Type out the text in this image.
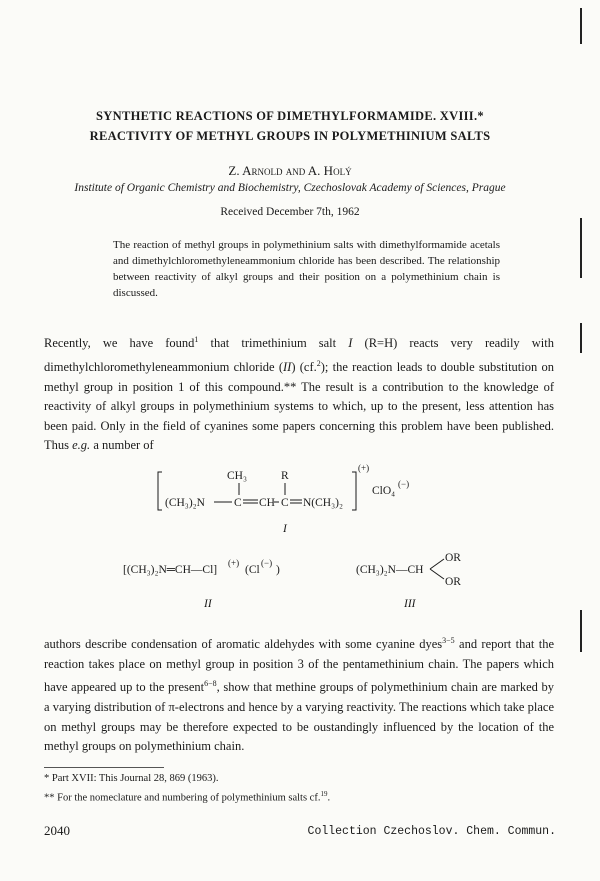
SYNTHETIC REACTIONS OF DIMETHYLFORMAMIDE. XVIII.*
REACTIVITY OF METHYL GROUPS IN POLYMETHINIUM SALTS
Z. Arnold and A. Holý
Institute of Organic Chemistry and Biochemistry, Czechoslovak Academy of Sciences, Prague
Received December 7th, 1962

The reaction of methyl groups in polymethinium salts with dimethylformamide acetals and dimethylchloromethyleneammonium chloride has been described. The relationship between reactivity of alkyl groups and their position on a polymethinium chain is discussed.

Recently, we have found$^1$ that trimethinium salt I (R=H) reacts very readily with dimethylchloromethyleneammonium chloride (II) (cf.$^2$); the reaction leads to double substitution on methyl group in position 1 of this compound.** The result is a contribution to the knowledge of reactivity of alkyl groups in polymethinium systems to which, up to the present, less attention has been paid. Only in the field of cyanines some papers concerning this problem have been published. Thus e.g. a number of

CH₃	R
(CH₃)₂N	C CH C N(CH₃)₂
(+)
ClO₄
(−)
I
[(CH₃)₂N═CH—Cl]
(+)
(Cl
(−)
)
II
(CH₃)₂N—CH
OR
OR
III

authors describe condensation of aromatic aldehydes with some cyanine dyes$^{3-5}$ and report that the reaction takes place on methyl group in position 3 of the pentamethinium chain. The papers which have appeared up to the present$^{6-8}$, show that methine groups of polymethinium chain are marked by a varying distribution of π-electrons and hence by a varying reactivity. The reactions which take place on methyl groups may be therefore expected to be oustandingly influenced by the location of the methyl groups on polymethinium chain.

* Part XVII: This Journal 28, 869 (1963).
** For the nomeclature and numbering of polymethinium salts cf.$^{19}$.
2040	Collection Czechoslov. Chem. Commun.
